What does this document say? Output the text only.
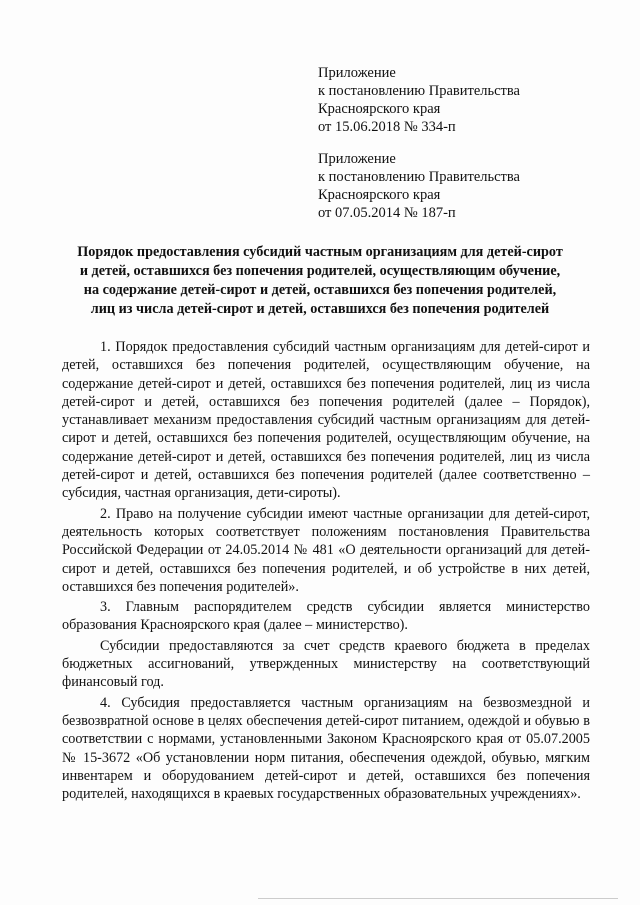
Приложение
к постановлению Правительства
Красноярского края
от 15.06.2018 № 334-п
Приложение
к постановлению Правительства
Красноярского края
от 07.05.2014 № 187-п
Порядок предоставления субсидий частным организациям для детей-сирот
и детей, оставшихся без попечения родителей, осуществляющим обучение,
на содержание детей-сирот и детей, оставшихся без попечения родителей,
лиц из числа детей-сирот и детей, оставшихся без попечения родителей

1. Порядок предоставления субсидий частным организациям для детей-сирот и детей, оставшихся без попечения родителей, осуществляющим обучение, на содержание детей-сирот и детей, оставшихся без попечения родителей, лиц из числа детей-сирот и детей, оставшихся без попечения родителей (далее – Порядок), устанавливает механизм предоставления субсидий частным организациям для детей-сирот и детей, оставшихся без попечения родителей, осуществляющим обучение, на содержание детей-сирот и детей, оставшихся без попечения родителей, лиц из числа детей-сирот и детей, оставшихся без попечения родителей (далее соответственно – субсидия, частная организация, дети-сироты).

2. Право на получение субсидии имеют частные организации для детей-сирот, деятельность которых соответствует положениям постановления Правительства Российской Федерации от 24.05.2014 № 481 «О деятельности организаций для детей-сирот и детей, оставшихся без попечения родителей, и об устройстве в них детей, оставшихся без попечения родителей».

3. Главным распорядителем средств субсидии является министерство образования Красноярского края (далее – министерство).

Субсидии предоставляются за счет средств краевого бюджета в пределах бюджетных ассигнований, утвержденных министерству на соответствующий финансовый год.

4. Субсидия предоставляется частным организациям на безвозмездной и безвозвратной основе в целях обеспечения детей-сирот питанием, одеждой и обувью в соответствии с нормами, установленными Законом Красноярского края от 05.07.2005 № 15-3672 «Об установлении норм питания, обеспечения одеждой, обувью, мягким инвентарем и оборудованием детей-сирот и детей, оставшихся без попечения родителей, находящихся в краевых государственных образовательных учреждениях».
